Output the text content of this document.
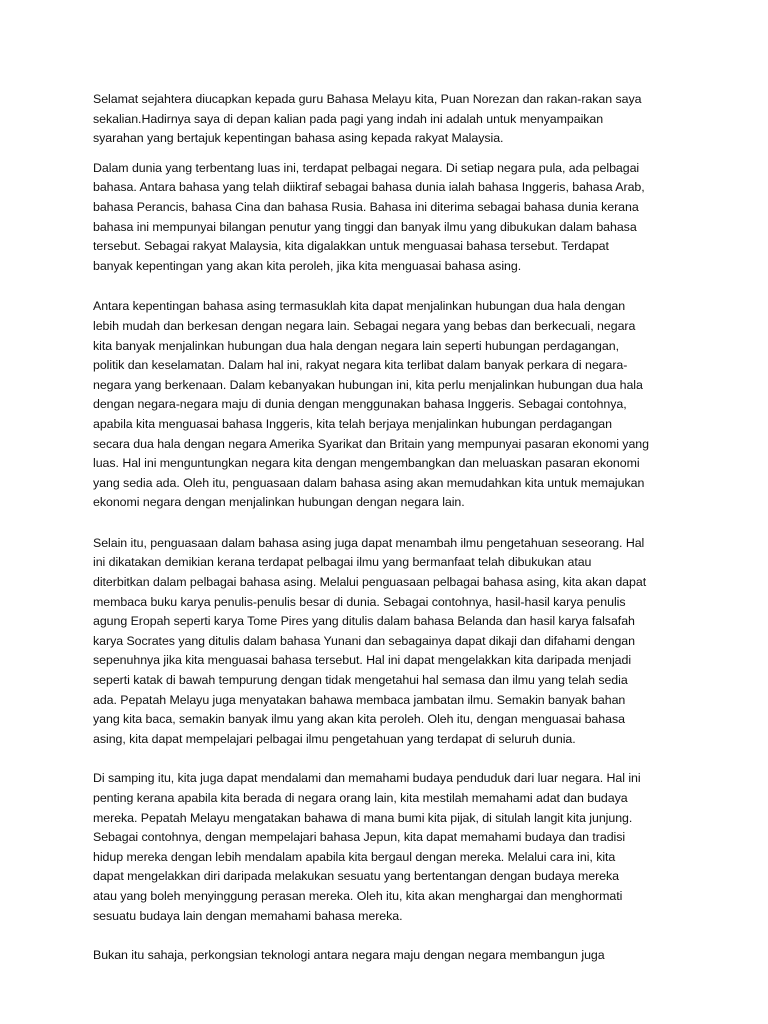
Selamat sejahtera diucapkan kepada guru Bahasa Melayu kita, Puan Norezan dan rakan-rakan saya
sekalian.Hadirnya saya di depan kalian pada pagi yang indah ini adalah untuk menyampaikan
syarahan yang bertajuk kepentingan bahasa asing kepada rakyat Malaysia.

Dalam dunia yang terbentang luas ini, terdapat pelbagai negara. Di setiap negara pula, ada pelbagai
bahasa. Antara bahasa yang telah diiktiraf sebagai bahasa dunia ialah bahasa Inggeris, bahasa Arab,
bahasa Perancis, bahasa Cina dan bahasa Rusia. Bahasa ini diterima sebagai bahasa dunia kerana
bahasa ini mempunyai bilangan penutur yang tinggi dan banyak ilmu yang dibukukan dalam bahasa
tersebut. Sebagai rakyat Malaysia, kita digalakkan untuk menguasai bahasa tersebut. Terdapat
banyak kepentingan yang akan kita peroleh, jika kita menguasai bahasa asing.

Antara kepentingan bahasa asing termasuklah kita dapat menjalinkan hubungan dua hala dengan
lebih mudah dan berkesan dengan negara lain. Sebagai negara yang bebas dan berkecuali, negara
kita banyak menjalinkan hubungan dua hala dengan negara lain seperti hubungan perdagangan,
politik dan keselamatan. Dalam hal ini, rakyat negara kita terlibat dalam banyak perkara di negara-
negara yang berkenaan. Dalam kebanyakan hubungan ini, kita perlu menjalinkan hubungan dua hala
dengan negara-negara maju di dunia dengan menggunakan bahasa Inggeris. Sebagai contohnya,
apabila kita menguasai bahasa Inggeris, kita telah berjaya menjalinkan hubungan perdagangan
secara dua hala dengan negara Amerika Syarikat dan Britain yang mempunyai pasaran ekonomi yang
luas. Hal ini menguntungkan negara kita dengan mengembangkan dan meluaskan pasaran ekonomi
yang sedia ada. Oleh itu, penguasaan dalam bahasa asing akan memudahkan kita untuk memajukan
ekonomi negara dengan menjalinkan hubungan dengan negara lain.

Selain itu, penguasaan dalam bahasa asing juga dapat menambah ilmu pengetahuan seseorang. Hal
ini dikatakan demikian kerana terdapat pelbagai ilmu yang bermanfaat telah dibukukan atau
diterbitkan dalam pelbagai bahasa asing. Melalui penguasaan pelbagai bahasa asing, kita akan dapat
membaca buku karya penulis-penulis besar di dunia. Sebagai contohnya, hasil-hasil karya penulis
agung Eropah seperti karya Tome Pires yang ditulis dalam bahasa Belanda dan hasil karya falsafah
karya Socrates yang ditulis dalam bahasa Yunani dan sebagainya dapat dikaji dan difahami dengan
sepenuhnya jika kita menguasai bahasa tersebut. Hal ini dapat mengelakkan kita daripada menjadi
seperti katak di bawah tempurung dengan tidak mengetahui hal semasa dan ilmu yang telah sedia
ada. Pepatah Melayu juga menyatakan bahawa membaca jambatan ilmu. Semakin banyak bahan
yang kita baca, semakin banyak ilmu yang akan kita peroleh. Oleh itu, dengan menguasai bahasa
asing, kita dapat mempelajari pelbagai ilmu pengetahuan yang terdapat di seluruh dunia.

Di samping itu, kita juga dapat mendalami dan memahami budaya penduduk dari luar negara. Hal ini
penting kerana apabila kita berada di negara orang lain, kita mestilah memahami adat dan budaya
mereka. Pepatah Melayu mengatakan bahawa di mana bumi kita pijak, di situlah langit kita junjung.
Sebagai contohnya, dengan mempelajari bahasa Jepun, kita dapat memahami budaya dan tradisi
hidup mereka dengan lebih mendalam apabila kita bergaul dengan mereka. Melalui cara ini, kita
dapat mengelakkan diri daripada melakukan sesuatu yang bertentangan dengan budaya mereka
atau yang boleh menyinggung perasan mereka. Oleh itu, kita akan menghargai dan menghormati
sesuatu budaya lain dengan memahami bahasa mereka.

Bukan itu sahaja, perkongsian teknologi antara negara maju dengan negara membangun juga
